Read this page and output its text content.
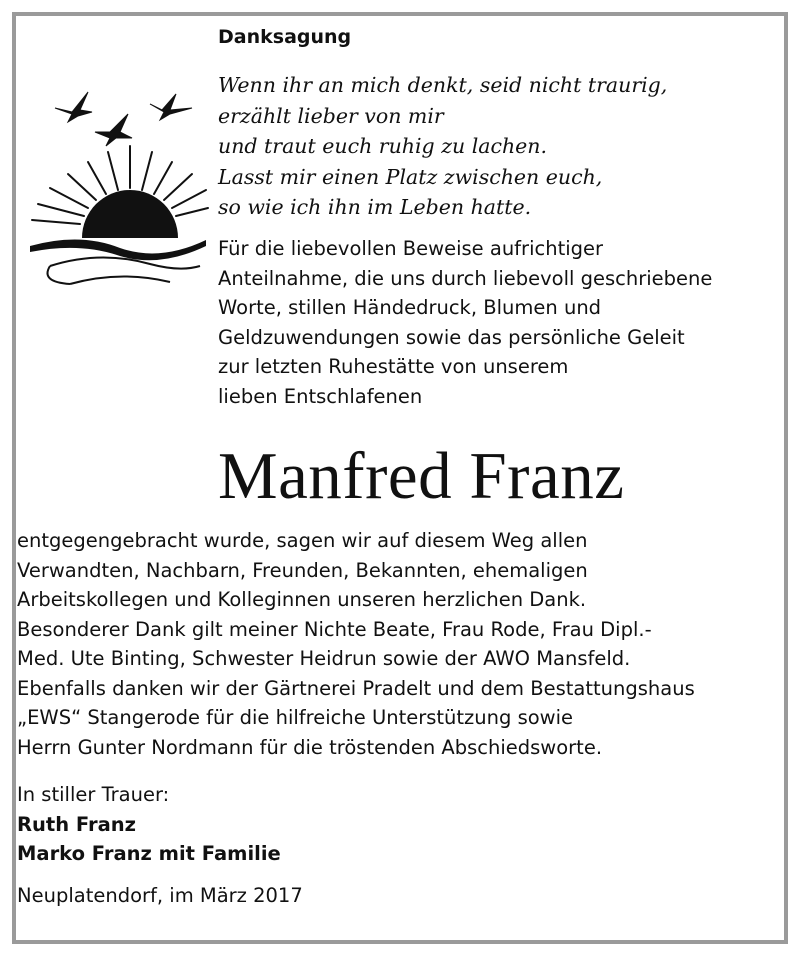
Danksagung
Wenn ihr an mich denkt, seid nicht traurig,
erzählt lieber von mir
und traut euch ruhig zu lachen.
Lasst mir einen Platz zwischen euch,
so wie ich ihn im Leben hatte.
Für die liebevollen Beweise aufrichtiger
Anteilnahme, die uns durch liebevoll geschriebene
Worte, stillen Händedruck, Blumen und
Geldzuwendungen sowie das persönliche Geleit
zur letzten Ruhestätte von unserem
lieben Entschlafenen
Manfred Franz
entgegengebracht wurde, sagen wir auf diesem Weg allen
Verwandten, Nachbarn, Freunden, Bekannten, ehemaligen
Arbeitskollegen und Kolleginnen unseren herzlichen Dank.
Besonderer Dank gilt meiner Nichte Beate, Frau Rode, Frau Dipl.-
Med. Ute Binting, Schwester Heidrun sowie der AWO Mansfeld.
Ebenfalls danken wir der Gärtnerei Pradelt und dem Bestattungshaus
„EWS“ Stangerode für die hilfreiche Unterstützung sowie
Herrn Gunter Nordmann für die tröstenden Abschiedsworte.
In stiller Trauer:
Ruth Franz
Marko Franz mit Familie
Neuplatendorf, im März 2017
